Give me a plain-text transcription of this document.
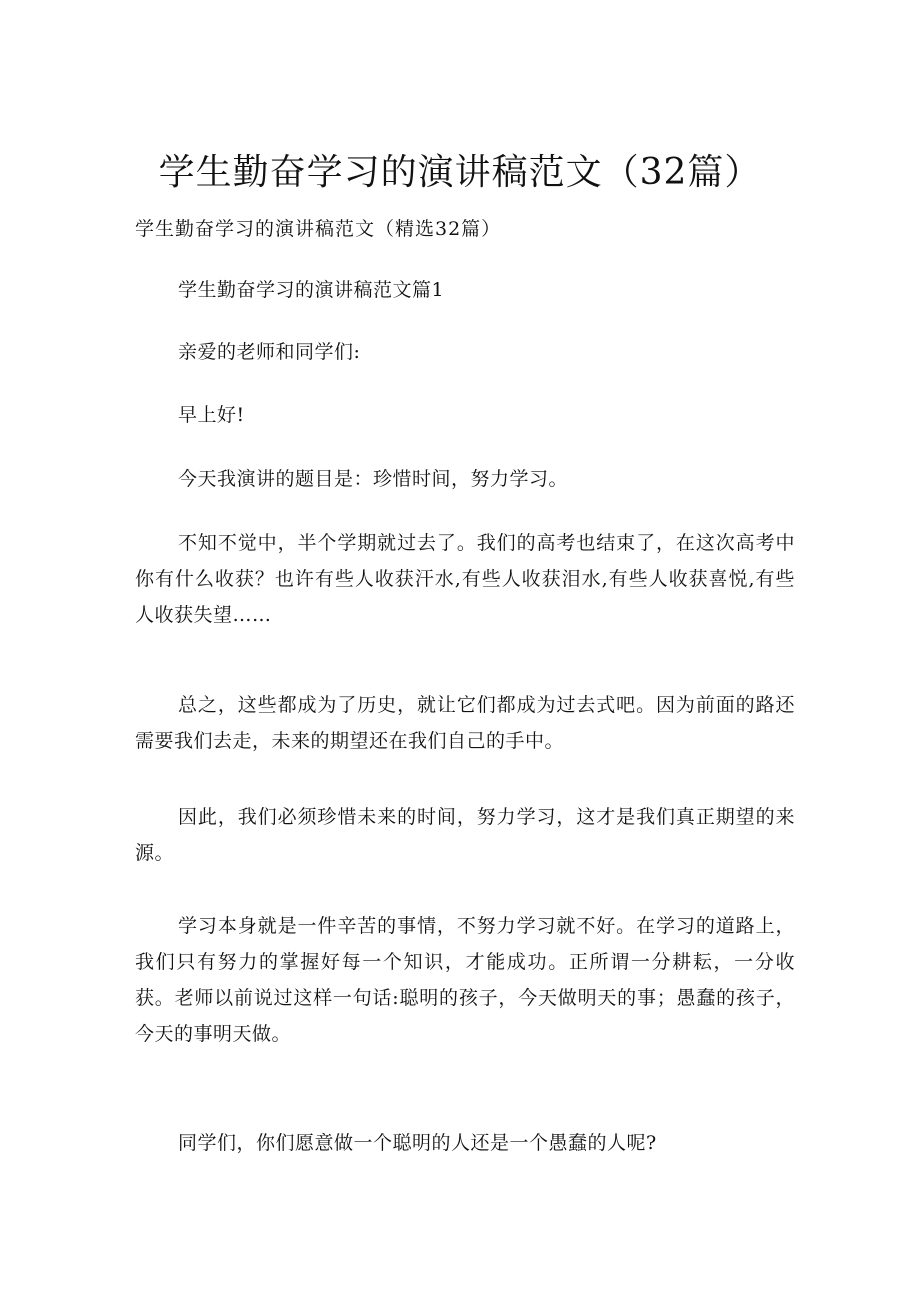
学生勤奋学习的演讲稿范文（32篇）
学生勤奋学习的演讲稿范文（精选32篇）

学生勤奋学习的演讲稿范文篇1

亲爱的老师和同学们:

早上好!

今天我演讲的题目是：珍惜时间，努力学习。

不知不觉中，半个学期就过去了。我们的高考也结束了，在这次高考中你有什么收获？也许有些人收获汗水,有些人收获泪水,有些人收获喜悦,有些人收获失望……

总之，这些都成为了历史，就让它们都成为过去式吧。因为前面的路还需要我们去走，未来的期望还在我们自己的手中。

因此，我们必须珍惜未来的时间，努力学习，这才是我们真正期望的来源。

学习本身就是一件辛苦的事情，不努力学习就不好。在学习的道路上，我们只有努力的掌握好每一个知识，才能成功。正所谓一分耕耘，一分收获。老师以前说过这样一句话:聪明的孩子，今天做明天的事；愚蠢的孩子，今天的事明天做。

同学们，你们愿意做一个聪明的人还是一个愚蠢的人呢?
